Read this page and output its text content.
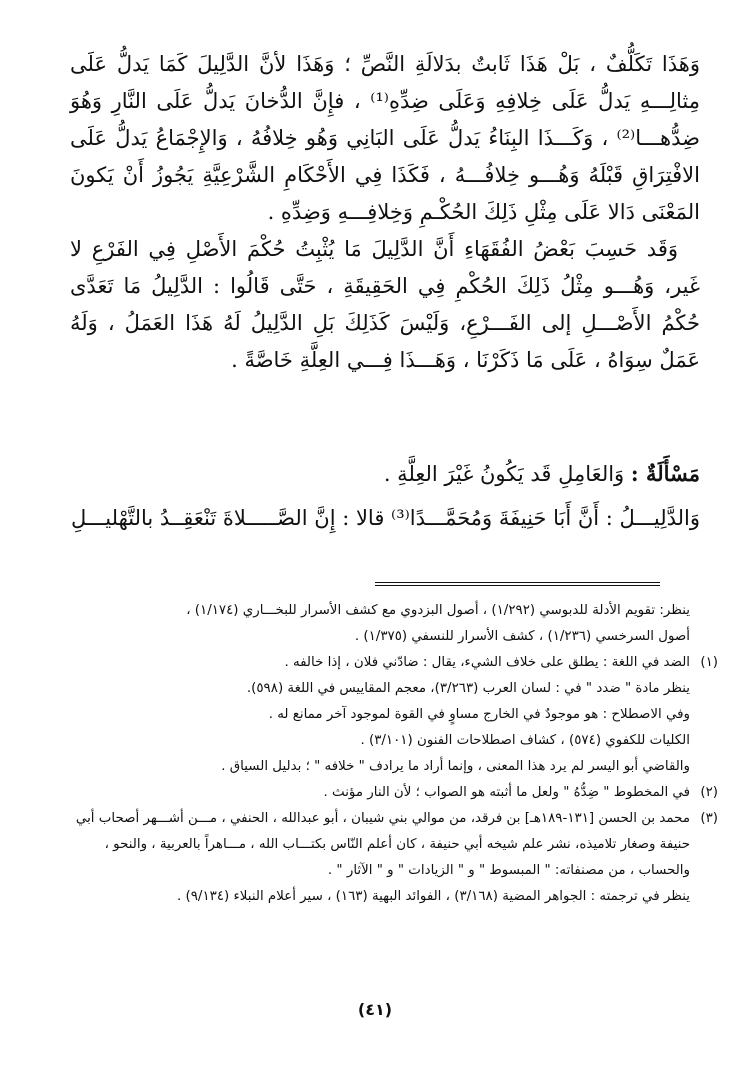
وَهَذَا تَكَلُّفٌ ، بَلْ هَذَا ثَابتٌ بدَلالَةِ النَّصِّ ؛ وَهَذَا لأنَّ الدَّلِيلَ كَمَا يَدلُّ عَلَى مِثالِـــهِ يَدلُّ عَلَى خِلافِهِ وَعَلَى ضِدِّهِ⁽¹⁾ ، فإِنَّ الدُّخانَ يَدلُّ عَلَى النَّارِ وَهُوَ ضِدُّهـــا⁽²⁾ ، وَكَـــذَا البِنَاءُ يَدلُّ عَلَى البَانِي وَهُو خِلافُهُ ، وَالإِجْمَاعُ يَدلُّ عَلَى الافْتِرَاقِ قَبْلَهُ وَهُـــو خِلافُـــهُ ، فَكَذَا فِي الأَحْكَامِ الشَّرْعِيَّةِ يَجُوزُ أَنْ يَكونَ المَعْنَى دَالا عَلَى مِثْلِ ذَلِكَ الحُكْـمِ وَخِلافِـــهِ وَضِدِّهِ .

وَقَد حَسِبَ بَعْضُ الفُقَهَاءِ أَنَّ الدَّلِيلَ مَا يُثْبِتُ حُكْمَ الأَصْلِ فِي الفَرْعِ لا غَير، وَهُـــو مِثْلُ ذَلِكَ الحُكْمِ فِي الحَقِيقَةِ ، حَتَّى قَالُوا : الدَّلِيلُ مَا تَعَدَّى حُكْمُ الأَصْـــلِ إلى الفَـــرْعِ، وَلَيْسَ كَذَلِكَ بَلِ الدَّلِيلُ لَهُ هَذَا العَمَلُ ، وَلَهُ عَمَلٌ سِوَاهُ ، عَلَى مَا ذَكَرْنَا ، وَهَـــذَا فِـــي العِلَّةِ خَاصَّةً .

مَسْأَلَةٌ : وَالعَامِلِ قَد يَكُونُ غَيْرَ العِلَّةِ .

وَالدَّلِيـــلُ : أَنَّ أَبَا حَنِيفَةَ وَمُحَمَّـــدًا⁽³⁾ قالا : إِنَّ الصَّـــــلاةَ تَنْعَقِــدُ بالتَّهْليـــلِ

ينظر: تقويم الأدلة للدبوسي (١/٢٩٢) ، أصول البزدوي مع كشف الأسرار للبخـــاري (١/١٧٤) ،

أصول السرخسي (١/٢٣٦) ، كشف الأسرار للنسفي (١/٣٧٥) .

(١)
الضد في اللغة : يطلق على خلاف الشيء، يقال : ضادّني فلان ، إذا خالفه .

ينظر مادة " ضدد " في : لسان العرب (٣/٢٦٣)، معجم المقاييس في اللغة (٥٩٨).

وفي الاصطلاح : هو موجودٌ في الخارج مساوٍ في القوة لموجود آخر ممانع له .

الكليات للكفوي (٥٧٤) ، كشاف اصطلاحات الفنون (٣/١٠١) .

والقاضي أبو اليسر لم يرد هذا المعنى ، وإنما أراد ما يرادف " خلافه " ؛ بدليل السياق .

(٢)
في المخطوط " ضِدُّهُ " ولعل ما أثبته هو الصواب ؛ لأن النار مؤنث .

(٣)
محمد بن الحسن [١٣١-١٨٩هـ] بن فرقد، من موالي بني شيبان ، أبو عبدالله ، الحنفي ، مـــن أشـــهر أصحاب أبي حنيفة وصغار تلاميذه، نشر علم شيخه أبي حنيفة ، كان أعلم النّاس بكتـــاب الله ، مـــاهراً بالعربية ، والنحو ، والحساب ، من مصنفاته: " المبسوط " و " الزيادات " و " الآثار " .

ينظر في ترجمته : الجواهر المضية (٣/١٦٨) ، الفوائد البهية (١٦٣) ، سير أعلام النبلاء (٩/١٣٤) .

(٤١)
